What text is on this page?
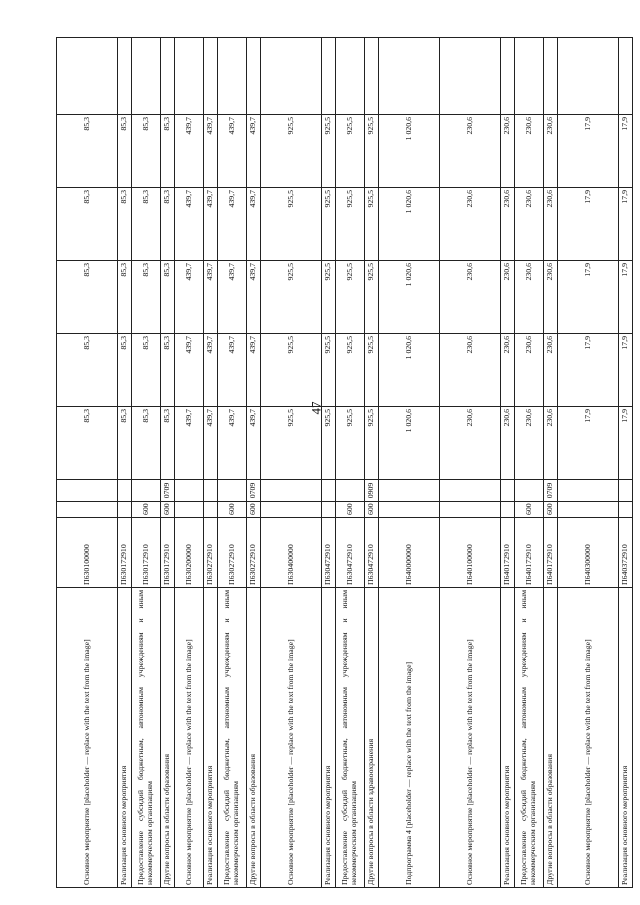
47
Основное мероприятие [placeholder — replace with the text from the image]	П630100000			85,3	85,3	85,3	85,3	85,3	
Реализация основного мероприятия	П630172910			85,3	85,3	85,3	85,3	85,3	
Предоставление субсидий бюджетным, автономным учреждениям и иным некоммерческим организациям	П630172910	600		85,3	85,3	85,3	85,3	85,3	
Другие вопросы в области образования	П630172910	600	0709	85,3	85,3	85,3	85,3	85,3	
Основное мероприятие [placeholder — replace with the text from the image]	П630200000			439,7	439,7	439,7	439,7	439,7	
Реализация основного мероприятия	П630272910			439,7	439,7	439,7	439,7	439,7	
Предоставление субсидий бюджетным, автономным учреждениям и иным некоммерческим организациям	П630272910	600		439,7	439,7	439,7	439,7	439,7	
Другие вопросы в области образования	П630272910	600	0709	439,7	439,7	439,7	439,7	439,7	
Основное мероприятие [placeholder — replace with the text from the image]	П630400000			925,5	925,5	925,5	925,5	925,5	
Реализация основного мероприятия	П630472910			925,5	925,5	925,5	925,5	925,5	
Предоставление субсидий бюджетным, автономным учреждениям и иным некоммерческим организациям	П630472910	600		925,5	925,5	925,5	925,5	925,5	
Другие вопросы в области здравоохранения	П630472910	600	0909	925,5	925,5	925,5	925,5	925,5	
Подпрограмма 4 [placeholder — replace with the text from the image]	П640000000			1 020,6	1 020,6	1 020,6	1 020,6	1 020,6	
Основное мероприятие [placeholder — replace with the text from the image]	П640100000			230,6	230,6	230,6	230,6	230,6	
Реализация основного мероприятия	П640172910			230,6	230,6	230,6	230,6	230,6	
Предоставление субсидий бюджетным, автономным учреждениям и иным некоммерческим организациям	П640172910	600		230,6	230,6	230,6	230,6	230,6	
Другие вопросы в области образования	П640172910	600	0709	230,6	230,6	230,6	230,6	230,6	
Основное мероприятие [placeholder — replace with the text from the image]	П640300000			17,9	17,9	17,9	17,9	17,9	
Реализация основного мероприятия	П640372910			17,9	17,9	17,9	17,9	17,9	
